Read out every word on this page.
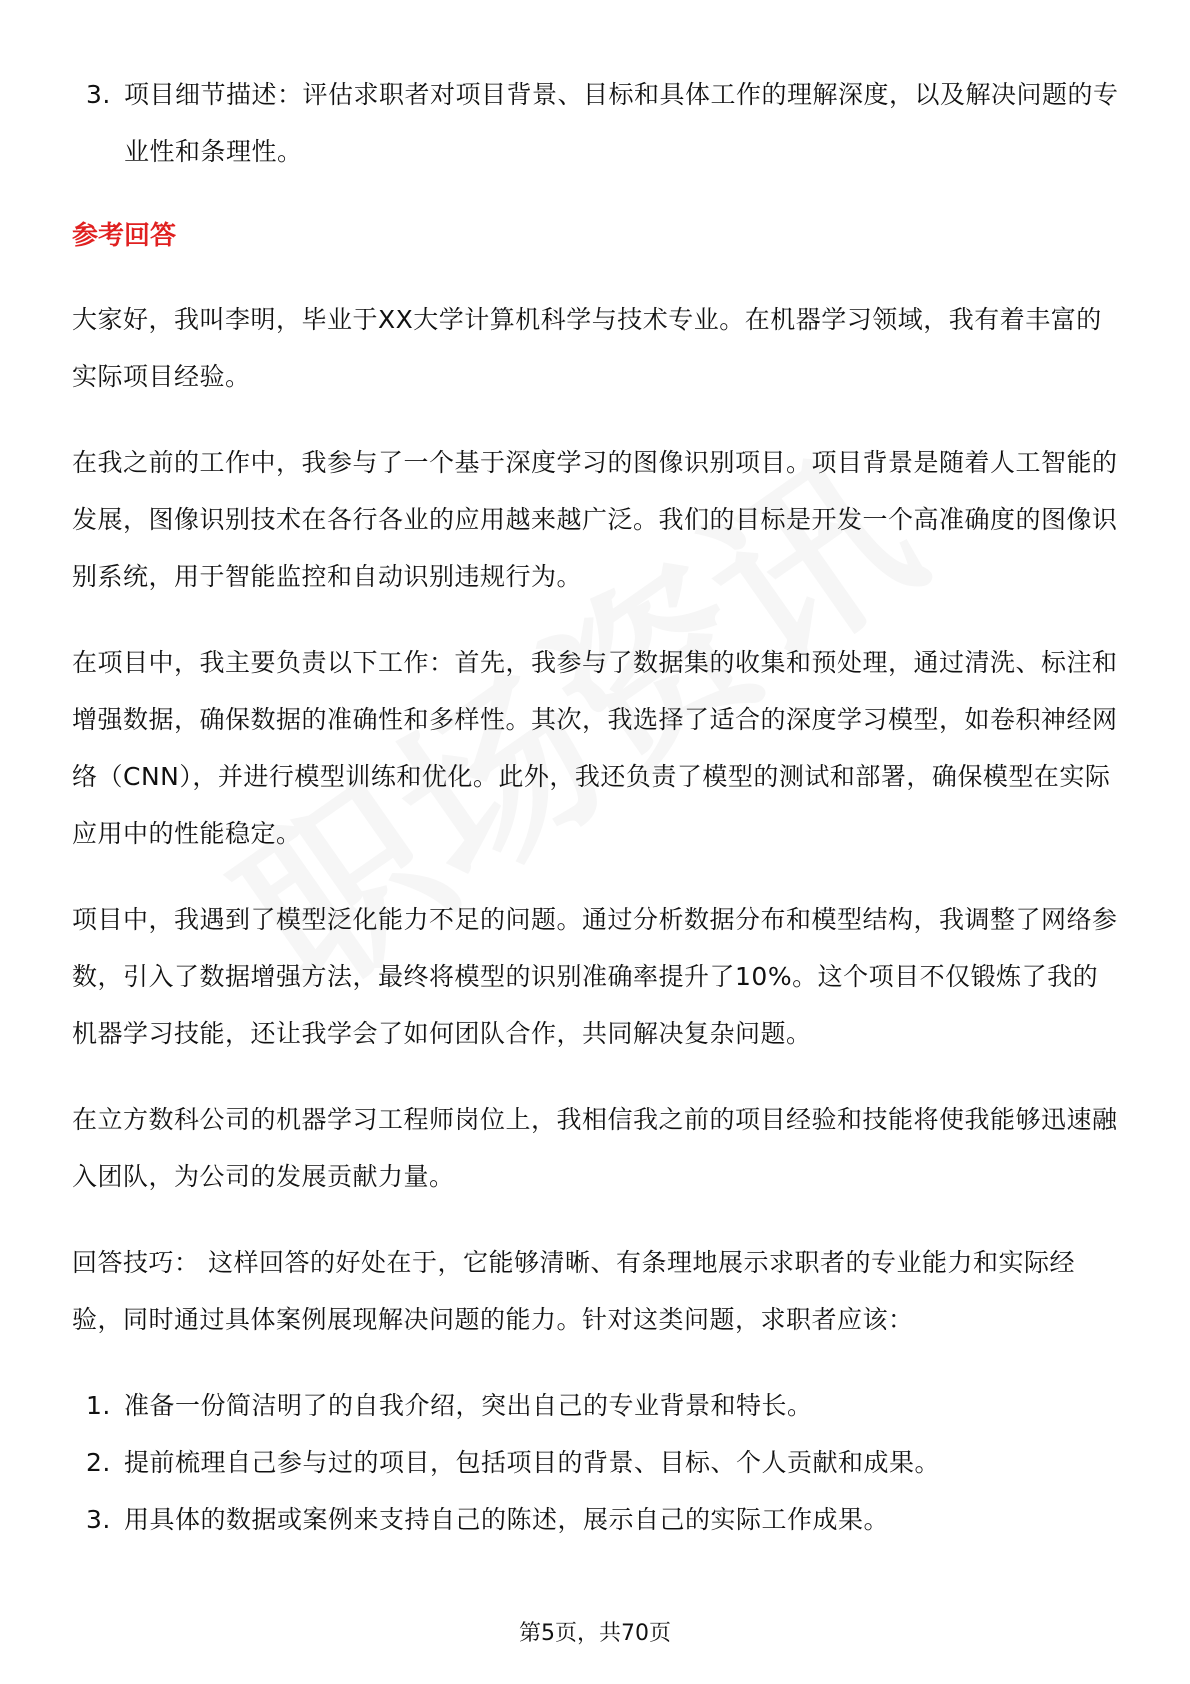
3. 项目细节描述：评估求职者对项目背景、目标和具体工作的理解深度，以及解决问题的专业性和条理性。
参考回答

大家好，我叫李明，毕业于XX大学计算机科学与技术专业。在机器学习领域，我有着丰富的实际项目经验。

在我之前的工作中，我参与了一个基于深度学习的图像识别项目。项目背景是随着人工智能的发展，图像识别技术在各行各业的应用越来越广泛。我们的目标是开发一个高准确度的图像识别系统，用于智能监控和自动识别违规行为。

在项目中，我主要负责以下工作：首先，我参与了数据集的收集和预处理，通过清洗、标注和增强数据，确保数据的准确性和多样性。其次，我选择了适合的深度学习模型，如卷积神经网络（CNN），并进行模型训练和优化。此外，我还负责了模型的测试和部署，确保模型在实际应用中的性能稳定。

项目中，我遇到了模型泛化能力不足的问题。通过分析数据分布和模型结构，我调整了网络参数，引入了数据增强方法，最终将模型的识别准确率提升了10%。这个项目不仅锻炼了我的机器学习技能，还让我学会了如何团队合作，共同解决复杂问题。

在立方数科公司的机器学习工程师岗位上，我相信我之前的项目经验和技能将使我能够迅速融入团队，为公司的发展贡献力量。

回答技巧： 这样回答的好处在于，它能够清晰、有条理地展示求职者的专业能力和实际经验，同时通过具体案例展现解决问题的能力。针对这类问题，求职者应该：

1. 准备一份简洁明了的自我介绍，突出自己的专业背景和特长。
2. 提前梳理自己参与过的项目，包括项目的背景、目标、个人贡献和成果。
3. 用具体的数据或案例来支持自己的陈述，展示自己的实际工作成果。
第5页，共70页
